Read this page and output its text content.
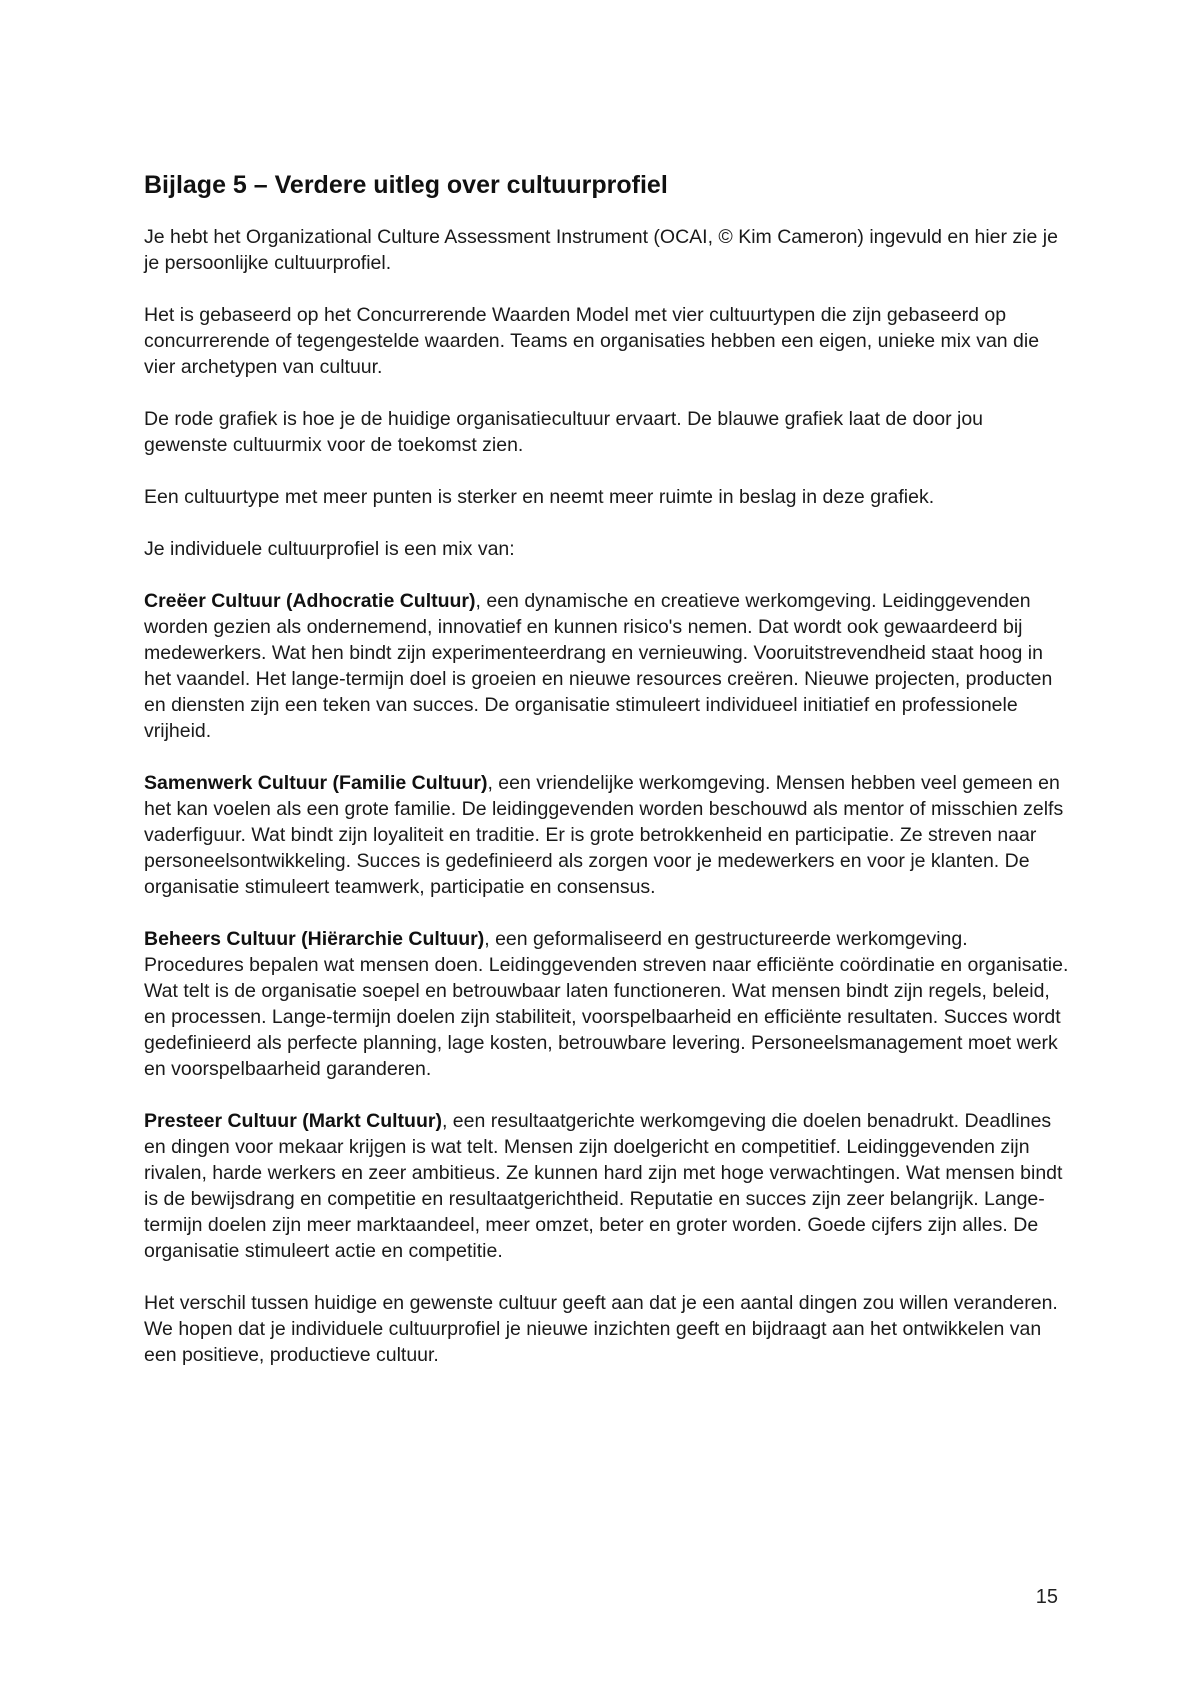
Bijlage 5 – Verdere uitleg over cultuurprofiel

Je hebt het Organizational Culture Assessment Instrument (OCAI, © Kim Cameron) ingevuld en hier zie je je persoonlijke cultuurprofiel.

Het is gebaseerd op het Concurrerende Waarden Model met vier cultuurtypen die zijn gebaseerd op concurrerende of tegengestelde waarden. Teams en organisaties hebben een eigen, unieke mix van die vier archetypen van cultuur.

De rode grafiek is hoe je de huidige organisatiecultuur ervaart. De blauwe grafiek laat de door jou gewenste cultuurmix voor de toekomst zien.

Een cultuurtype met meer punten is sterker en neemt meer ruimte in beslag in deze grafiek.

Je individuele cultuurprofiel is een mix van:

Creëer Cultuur (Adhocratie Cultuur), een dynamische en creatieve werkomgeving. Leidinggevenden worden gezien als ondernemend, innovatief en kunnen risico's nemen. Dat wordt ook gewaardeerd bij medewerkers. Wat hen bindt zijn experimenteerdrang en vernieuwing. Vooruitstrevendheid staat hoog in het vaandel. Het lange-termijn doel is groeien en nieuwe resources creëren. Nieuwe projecten, producten en diensten zijn een teken van succes. De organisatie stimuleert individueel initiatief en professionele vrijheid.

Samenwerk Cultuur (Familie Cultuur), een vriendelijke werkomgeving. Mensen hebben veel gemeen en het kan voelen als een grote familie. De leidinggevenden worden beschouwd als mentor of misschien zelfs vaderfiguur. Wat bindt zijn loyaliteit en traditie. Er is grote betrokkenheid en participatie. Ze streven naar personeelsontwikkeling. Succes is gedefinieerd als zorgen voor je medewerkers en voor je klanten. De organisatie stimuleert teamwerk, participatie en consensus.

Beheers Cultuur (Hiërarchie Cultuur), een geformaliseerd en gestructureerde werkomgeving. Procedures bepalen wat mensen doen. Leidinggevenden streven naar efficiënte coördinatie en organisatie. Wat telt is de organisatie soepel en betrouwbaar laten functioneren. Wat mensen bindt zijn regels, beleid, en processen. Lange-termijn doelen zijn stabiliteit, voorspelbaarheid en efficiënte resultaten. Succes wordt gedefinieerd als perfecte planning, lage kosten, betrouwbare levering. Personeelsmanagement moet werk en voorspelbaarheid garanderen.

Presteer Cultuur (Markt Cultuur), een resultaatgerichte werkomgeving die doelen benadrukt. Deadlines en dingen voor mekaar krijgen is wat telt. Mensen zijn doelgericht en competitief. Leidinggevenden zijn rivalen, harde werkers en zeer ambitieus. Ze kunnen hard zijn met hoge verwachtingen. Wat mensen bindt is de bewijsdrang en competitie en resultaatgerichtheid. Reputatie en succes zijn zeer belangrijk. Lange-termijn doelen zijn meer marktaandeel, meer omzet, beter en groter worden. Goede cijfers zijn alles. De organisatie stimuleert actie en competitie.

Het verschil tussen huidige en gewenste cultuur geeft aan dat je een aantal dingen zou willen veranderen. We hopen dat je individuele cultuurprofiel je nieuwe inzichten geeft en bijdraagt aan het ontwikkelen van een positieve, productieve cultuur.

15
